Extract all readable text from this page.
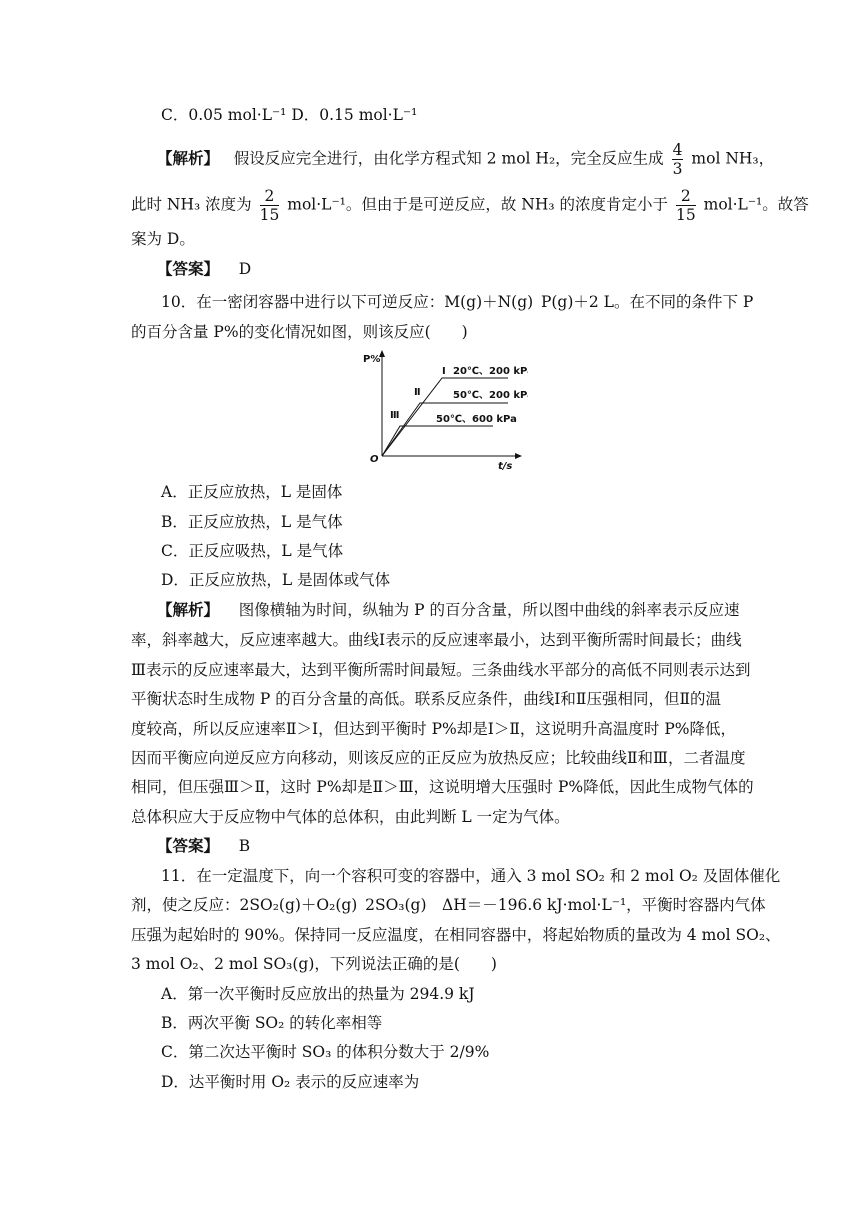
C．0.05 mol·L⁻¹ D．0.15 mol·L⁻¹
【解析】 假设反应完全进行，由化学方程式知 2 mol H₂，完全反应生成 $\frac{4}{3}$ mol NH₃，
此时 NH₃ 浓度为 $\frac{2}{15} mol\cdot L^{-1}$。但由于是可逆反应，故 NH₃ 的浓度肯定小于 $\frac{2}{15} mol\cdot L^{-1}$。故答
案为 D。
【答案】 D
10．在一密闭容器中进行以下可逆反应：M(g)＋N(g) P(g)＋2 L。在不同的条件下 P
的百分含量 P%的变化情况如图，则该反应(　　)
P%
t/s
O
Ⅰ 20℃、200 kPa
Ⅱ	50℃、200 kPa
Ⅲ	50℃、600 kPa
A．正反应放热，L 是固体
B．正反应放热，L 是气体
C．正反应吸热，L 是气体
D．正反应放热，L 是固体或气体
【解析】 图像横轴为时间，纵轴为 P 的百分含量，所以图中曲线的斜率表示反应速
率，斜率越大，反应速率越大。曲线Ⅰ表示的反应速率最小，达到平衡所需时间最长；曲线
Ⅲ表示的反应速率最大，达到平衡所需时间最短。三条曲线水平部分的高低不同则表示达到
平衡状态时生成物 P 的百分含量的高低。联系反应条件，曲线Ⅰ和Ⅱ压强相同，但Ⅱ的温
度较高，所以反应速率Ⅱ＞Ⅰ，但达到平衡时 P%却是Ⅰ＞Ⅱ，这说明升高温度时 P%降低，
因而平衡应向逆反应方向移动，则该反应的正反应为放热反应；比较曲线Ⅱ和Ⅲ，二者温度
相同，但压强Ⅲ＞Ⅱ，这时 P%却是Ⅱ＞Ⅲ，这说明增大压强时 P%降低，因此生成物气体的
总体积应大于反应物中气体的总体积，由此判断 L 一定为气体。
【答案】 B
11．在一定温度下，向一个容积可变的容器中，通入 3 mol SO₂ 和 2 mol O₂ 及固体催化
剂，使之反应：2SO₂(g)＋O₂(g) 2SO₃(g)　ΔH＝－196.6 kJ·mol·L⁻¹，平衡时容器内气体
压强为起始时的 90%。保持同一反应温度，在相同容器中，将起始物质的量改为 4 mol SO₂、
3 mol O₂、2 mol SO₃(g)，下列说法正确的是(　　)
A．第一次平衡时反应放出的热量为 294.9 kJ
B．两次平衡 SO₂ 的转化率相等
C．第二次达平衡时 SO₃ 的体积分数大于 2/9%
D．达平衡时用 O₂ 表示的反应速率为
